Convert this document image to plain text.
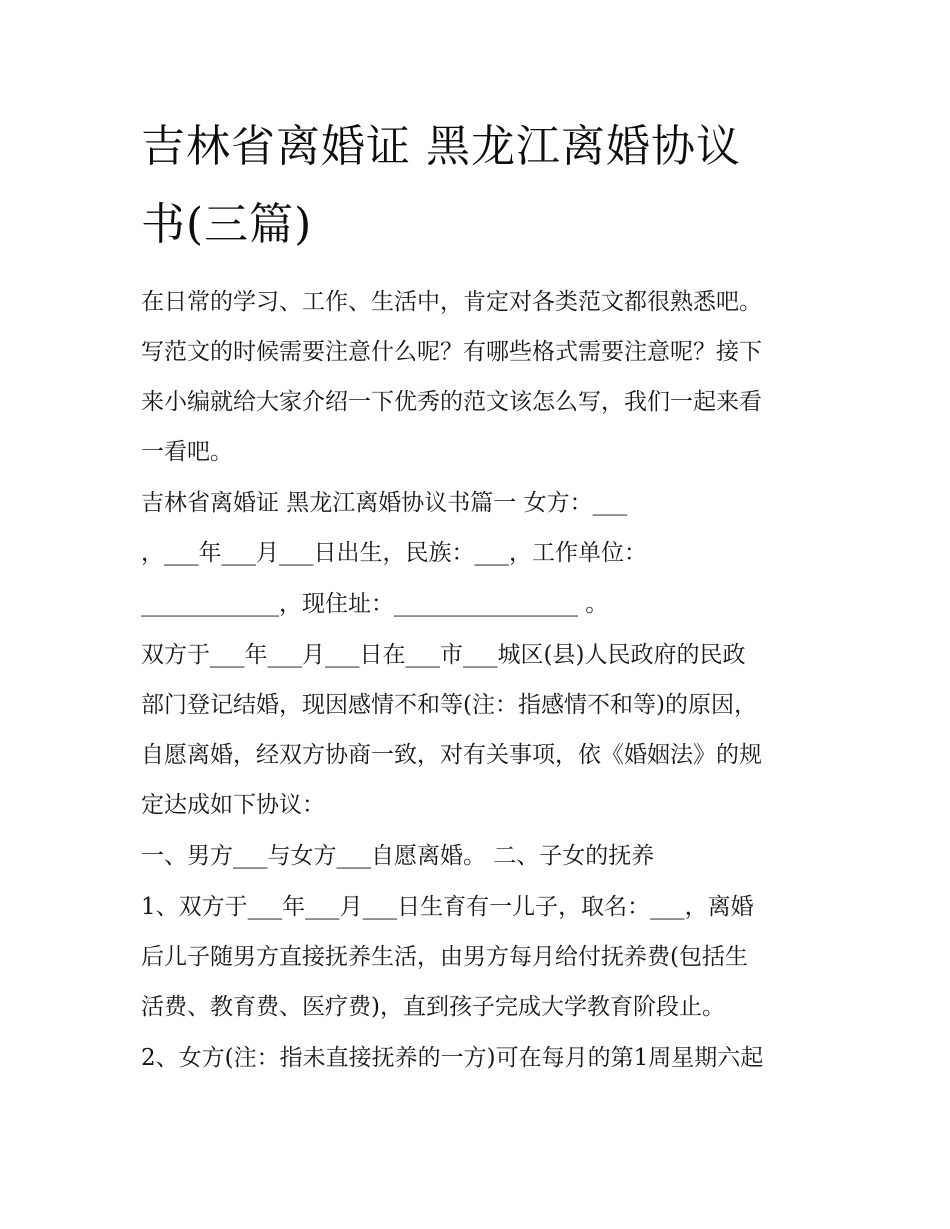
吉林省离婚证 黑龙江离婚协议
书(三篇)

在日常的学习、工作、生活中，肯定对各类范文都很熟悉吧。

写范文的时候需要注意什么呢？有哪些格式需要注意呢？接下

来小编就给大家介绍一下优秀的范文该怎么写，我们一起来看

一看吧。

吉林省离婚证 黑龙江离婚协议书篇一 女方：___

，___年___月___日出生，民族：___，工作单位：

____________，现住址：________________ 。

双方于___年___月___日在___市___城区(县)人民政府的民政

部门登记结婚，现因感情不和等(注：指感情不和等)的原因，

自愿离婚，经双方协商一致，对有关事项，依《婚姻法》的规

定达成如下协议：

一、男方___与女方___自愿离婚。 二、子女的抚养

1、双方于___年___月___日生育有一儿子，取名：___，离婚

后儿子随男方直接抚养生活，由男方每月给付抚养费(包括生

活费、教育费、医疗费)，直到孩子完成大学教育阶段止。

2、女方(注：指未直接抚养的一方)可在每月的第1周星期六起
